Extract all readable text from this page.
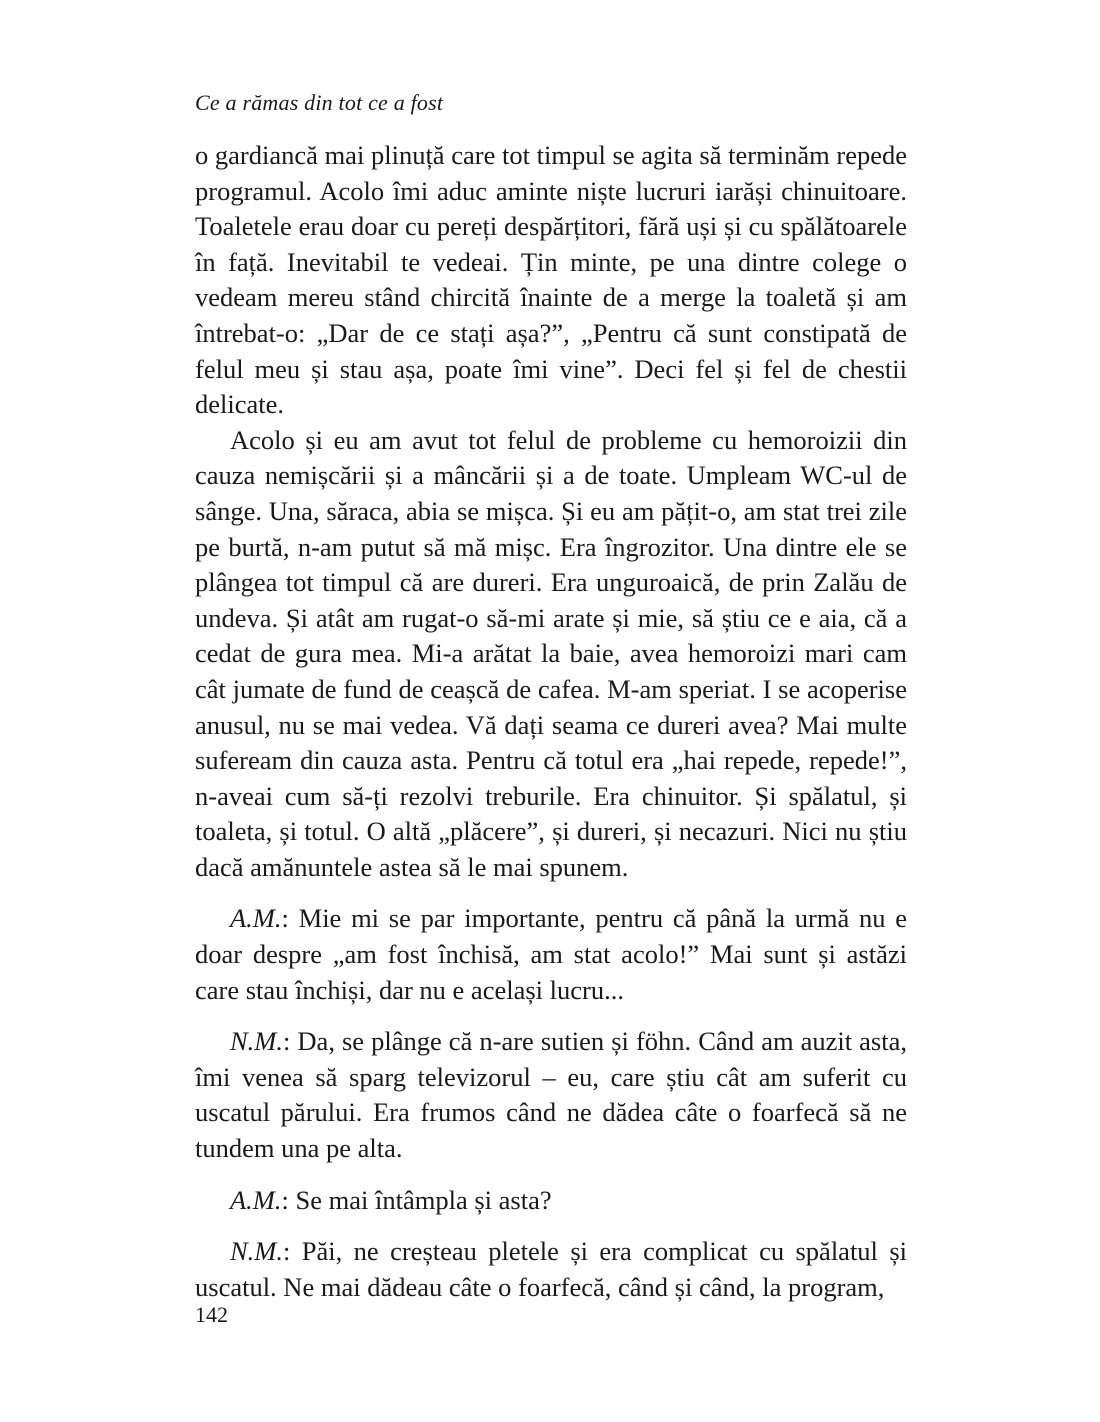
Ce a rămas din tot ce a fost

o gardiancă mai plinuță care tot timpul se agita să terminăm repede programul. Acolo îmi aduc aminte niște lucruri iarăși chinuitoare. Toaletele erau doar cu pereți despărțitori, fără uși și cu spălătoarele în față. Inevitabil te vedeai. Țin minte, pe una dintre colege o vedeam mereu stând chircită înainte de a merge la toaletă și am întrebat-o: „Dar de ce stați așa?”, „Pentru că sunt constipată de felul meu și stau așa, poate îmi vine”. Deci fel și fel de chestii delicate.

Acolo și eu am avut tot felul de probleme cu hemoroizii din cauza nemișcării și a mâncării și a de toate. Umpleam WC-ul de sânge. Una, săraca, abia se mișca. Și eu am pățit-o, am stat trei zile pe burtă, n-am putut să mă mișc. Era îngrozitor. Una dintre ele se plângea tot timpul că are dureri. Era unguroaică, de prin Zalău de undeva. Și atât am rugat-o să-mi arate și mie, să știu ce e aia, că a cedat de gura mea. Mi-a arătat la baie, avea hemoroizi mari cam cât jumate de fund de ceașcă de cafea. M-am speriat. I se acoperise anusul, nu se mai vedea. Vă dați seama ce dureri avea? Mai multe suferеam din cauza asta. Pentru că totul era „hai repede, repede!”, n-aveai cum să-ți rezolvi treburile. Era chinuitor. Și spălatul, și toaleta, și totul. O altă „plăcere”, și dureri, și necazuri. Nici nu știu dacă amănuntele astea să le mai spunem.

A.M.: Mie mi se par importante, pentru că până la urmă nu e doar despre „am fost închisă, am stat acolo!” Mai sunt și astăzi care stau închiși, dar nu e același lucru...

N.M.: Da, se plânge că n-are sutien și föhn. Când am auzit asta, îmi venea să sparg televizorul – eu, care știu cât am suferit cu uscatul părului. Era frumos când ne dădea câte o foarfecă să ne tundem una pe alta.

A.M.: Se mai întâmpla și asta?

N.M.: Păi, ne creșteau pletele și era complicat cu spălatul și uscatul. Ne mai dădeau câte o foarfecă, când și când, la program,

142
